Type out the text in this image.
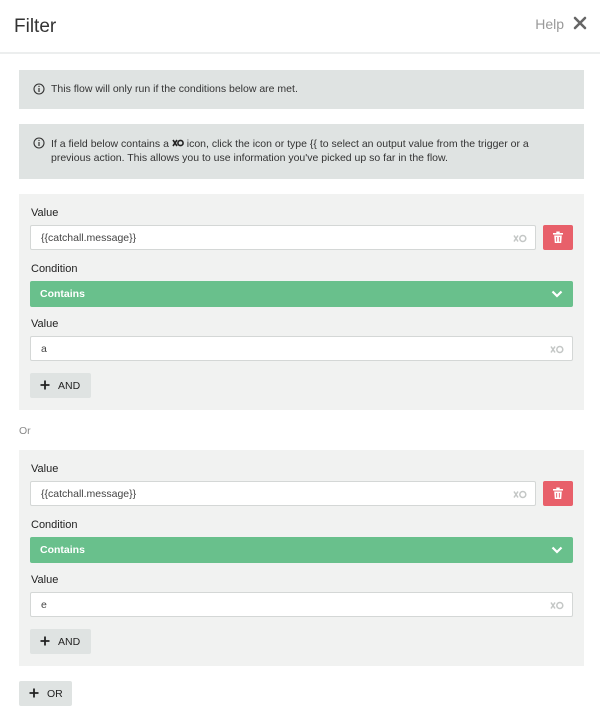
Filter	Help
This flow will only run if the conditions below are met.
If a field below contains a icon, click the icon or type {{ to select an output value from the trigger or a previous action. This allows you to use information you've picked up so far in the flow.
Value
{{catchall.message}}
Condition
Contains
Value
a
AND
Or
Value
{{catchall.message}}
Condition
Contains
Value
e
AND
OR
